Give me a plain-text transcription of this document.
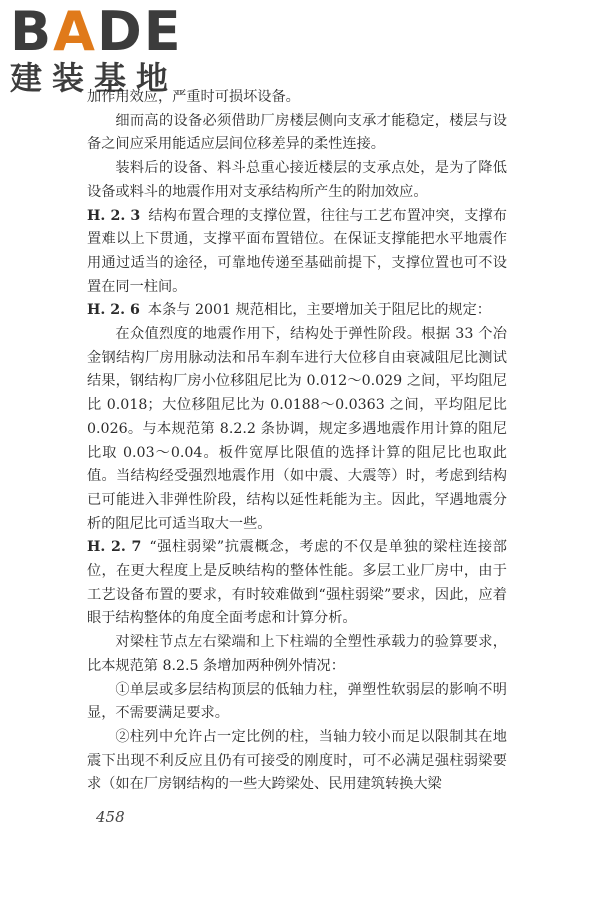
BADE
建装基地

加作用效应，严重时可损坏设备。

细而高的设备必须借助厂房楼层侧向支承才能稳定，楼层与设备之间应采用能适应层间位移差异的柔性连接。

装料后的设备、料斗总重心接近楼层的支承点处，是为了降低设备或料斗的地震作用对支承结构所产生的附加效应。

H. 2. 3 结构布置合理的支撑位置，往往与工艺布置冲突，支撑布置难以上下贯通，支撑平面布置错位。在保证支撑能把水平地震作用通过适当的途径，可靠地传递至基础前提下，支撑位置也可不设置在同一柱间。

H. 2. 6 本条与 2001 规范相比，主要增加关于阻尼比的规定：

在众值烈度的地震作用下，结构处于弹性阶段。根据 33 个冶金钢结构厂房用脉动法和吊车刹车进行大位移自由衰减阻尼比测试结果，钢结构厂房小位移阻尼比为 0.012～0.029 之间，平均阻尼比 0.018；大位移阻尼比为 0.0188～0.0363 之间，平均阻尼比 0.026。与本规范第 8.2.2 条协调，规定多遇地震作用计算的阻尼比取 0.03～0.04。板件宽厚比限值的选择计算的阻尼比也取此值。当结构经受强烈地震作用（如中震、大震等）时，考虑到结构已可能进入非弹性阶段，结构以延性耗能为主。因此，罕遇地震分析的阻尼比可适当取大一些。

H. 2. 7 “强柱弱梁”抗震概念，考虑的不仅是单独的梁柱连接部位，在更大程度上是反映结构的整体性能。多层工业厂房中，由于工艺设备布置的要求，有时较难做到“强柱弱梁”要求，因此，应着眼于结构整体的角度全面考虑和计算分析。

对梁柱节点左右梁端和上下柱端的全塑性承载力的验算要求，比本规范第 8.2.5 条增加两种例外情况：

①单层或多层结构顶层的低轴力柱，弹塑性软弱层的影响不明显，不需要满足要求。

②柱列中允许占一定比例的柱，当轴力较小而足以限制其在地震下出现不利反应且仍有可接受的刚度时，可不必满足强柱弱梁要求（如在厂房钢结构的一些大跨梁处、民用建筑转换大梁

458
